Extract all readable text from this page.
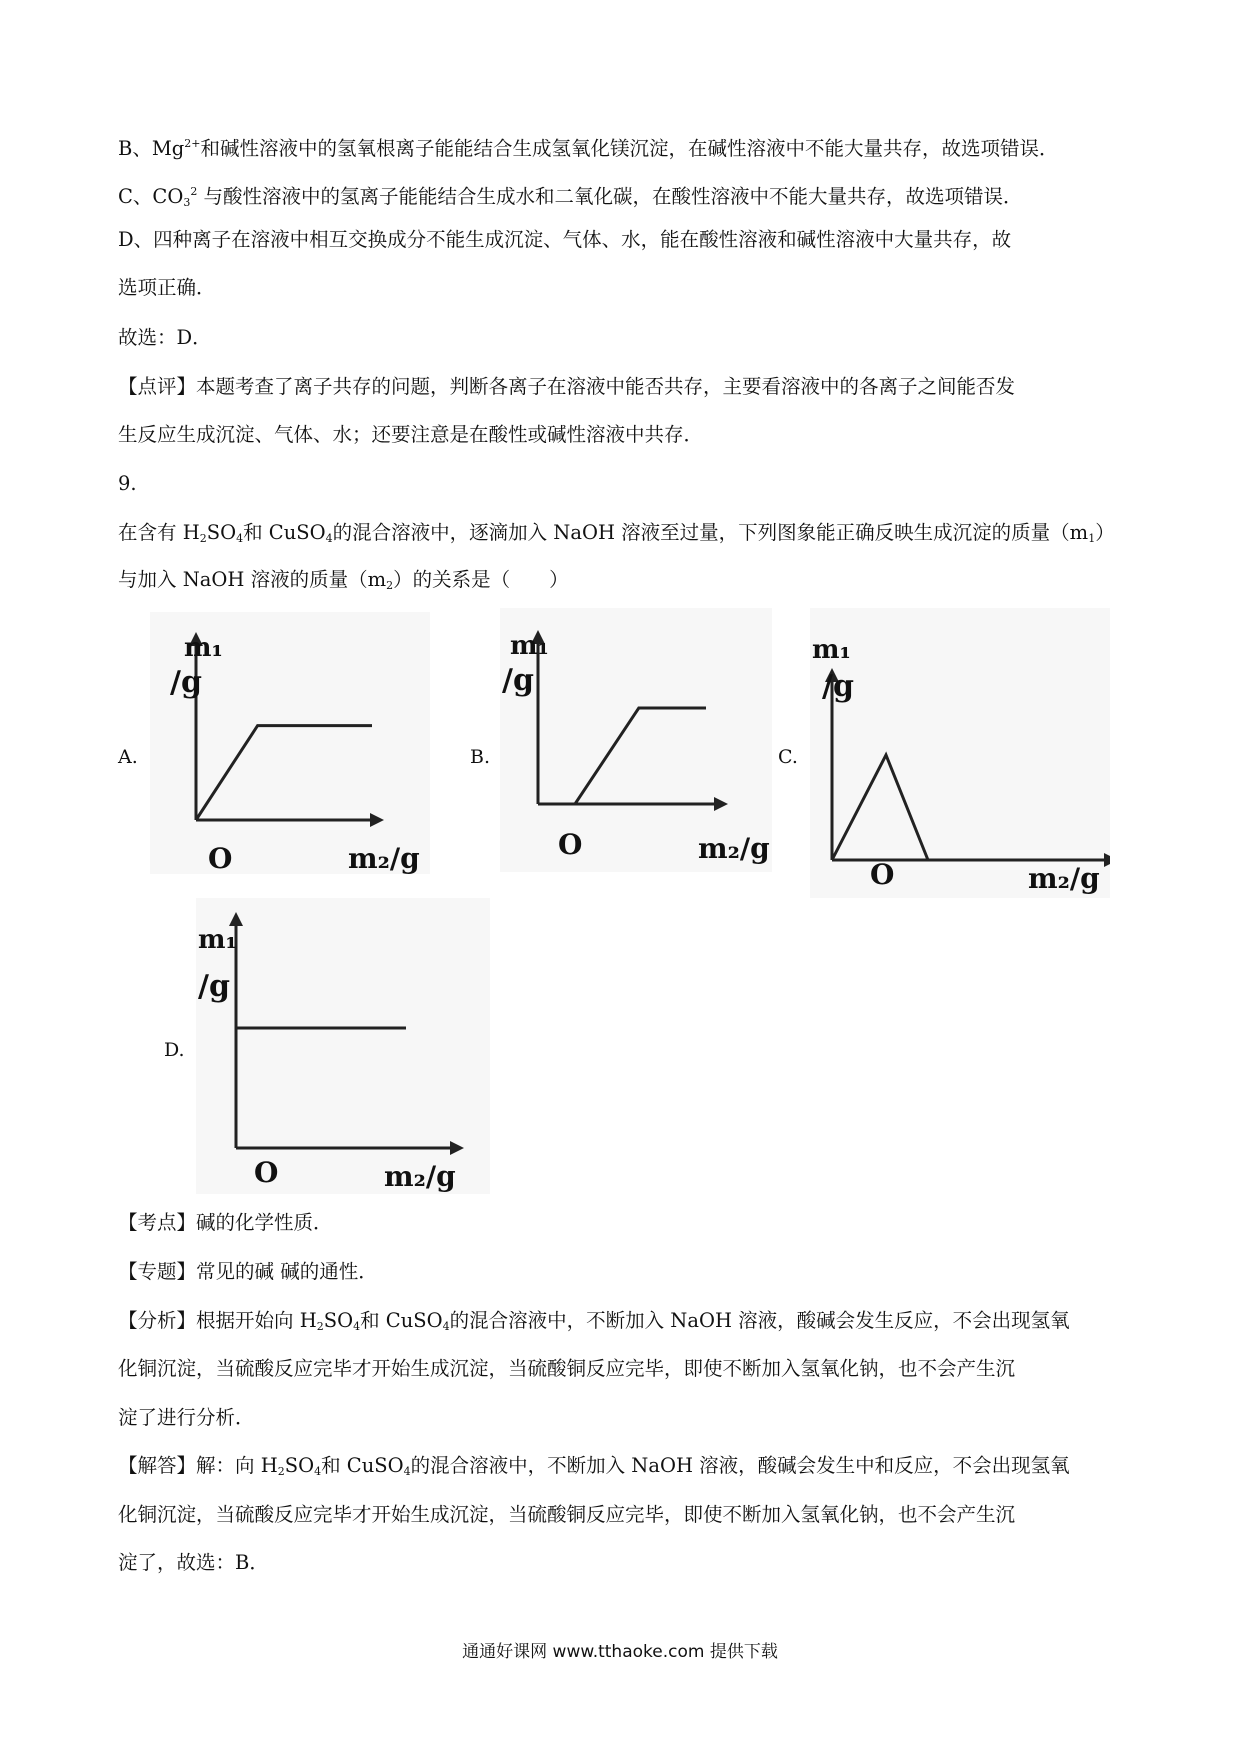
B、$Mg^{2+}$和碱性溶液中的氢氧根离子能能结合生成氢氧化镁沉淀，在碱性溶液中不能大量共存，故选项错误．
C、$CO_3^2$ 与酸性溶液中的氢离子能能结合生成水和二氧化碳，在酸性溶液中不能大量共存，故选项错误．
D、四种离子在溶液中相互交换成分不能生成沉淀、气体、水，能在酸性溶液和碱性溶液中大量共存，故
选项正确．
故选：D．
【点评】本题考查了离子共存的问题，判断各离子在溶液中能否共存，主要看溶液中的各离子之间能否发
生反应生成沉淀、气体、水；还要注意是在酸性或碱性溶液中共存．
9.
在含有 $H_2SO_4$和 CuSO$_4$的混合溶液中，逐滴加入 NaOH 溶液至过量，下列图象能正确反映生成沉淀的质量$(m_1)$
与加入 NaOH 溶液的质量$(m_2)$的关系是（　　）
A.	B.	C.
D.
m₁
/g
O	m₂/g
m₁
/g
O	m₂/g
m₁
/g
O	m₂/g
m₁
/g
O	m₂/g
【考点】碱的化学性质．
【专题】常见的碱 碱的通性．
【分析】根据开始向 $H_2SO_4$和 CuSO$_4$的混合溶液中，不断加入 NaOH 溶液，酸碱会发生反应，不会出现氢氧
化铜沉淀，当硫酸反应完毕才开始生成沉淀，当硫酸铜反应完毕，即使不断加入氢氧化钠，也不会产生沉
淀了进行分析．
【解答】解：向 $H_2SO_4$和 CuSO$_4$的混合溶液中，不断加入 NaOH 溶液，酸碱会发生中和反应，不会出现氢氧
化铜沉淀，当硫酸反应完毕才开始生成沉淀，当硫酸铜反应完毕，即使不断加入氢氧化钠，也不会产生沉
淀了，故选：B．
通通好课网 www.tthaoke.com 提供下载
